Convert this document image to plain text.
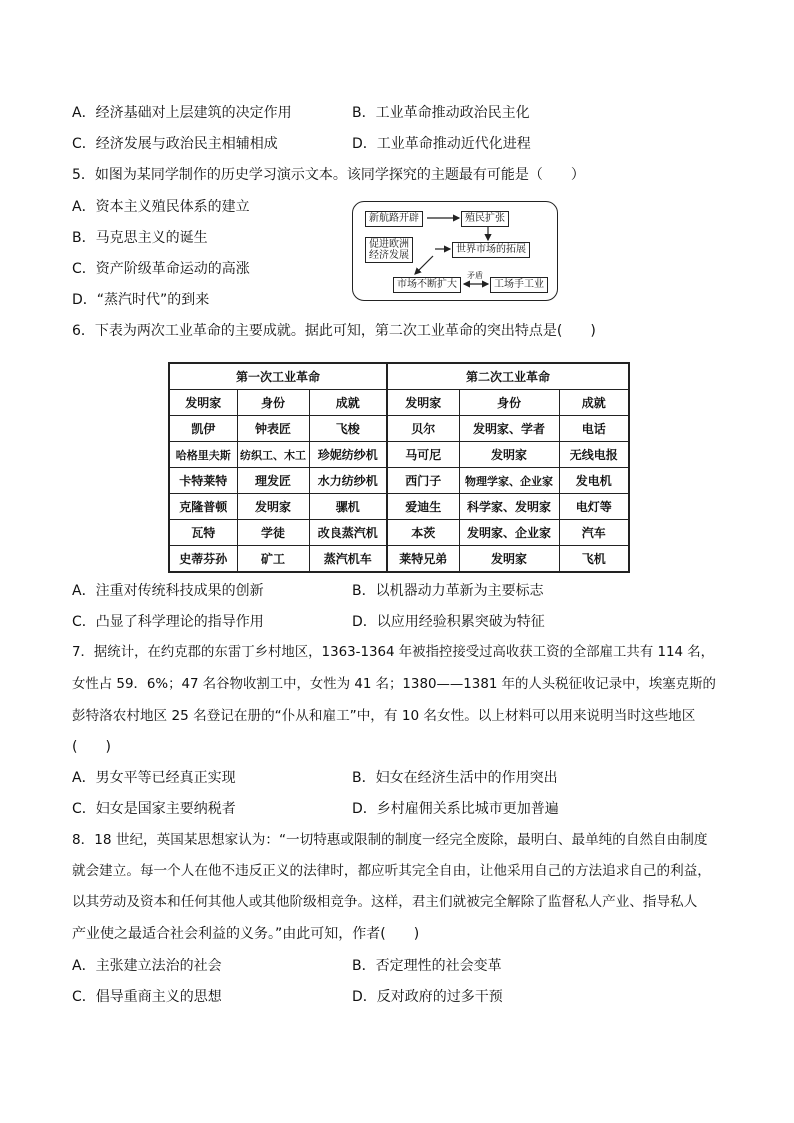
A．经济基础对上层建筑的决定作用	B．工业革命推动政治民主化
C．经济发展与政治民主相辅相成	D．工业革命推动近代化进程
5．如图为某同学制作的历史学习演示文本。该同学探究的主题最有可能是（　　）
A．资本主义殖民体系的建立
B．马克思主义的诞生
C．资产阶级革命运动的高涨
D．“蒸汽时代”的到来
新航路开辟	殖民扩张
促进欧洲
经济发展
世界市场的拓展
市场不断扩大	工场手工业
矛盾
6．下表为两次工业革命的主要成就。据此可知，第二次工业革命的突出特点是(　　)
第一次工业革命			第二次工业革命		
发明家	身份	成就	发明家	身份	成就
凯伊	钟表匠	飞梭	贝尔	发明家、学者	电话
哈格里夫斯	纺织工、木工	珍妮纺纱机	马可尼	发明家	无线电报
卡特莱特	理发匠	水力纺纱机	西门子	物理学家、企业家	发电机
克隆普顿	发明家	骡机	爱迪生	科学家、发明家	电灯等
瓦特	学徒	改良蒸汽机	本茨	发明家、企业家	汽车
史蒂芬孙	矿工	蒸汽机车	莱特兄弟	发明家	飞机
A．注重对传统科技成果的创新	B．以机器动力革新为主要标志
C．凸显了科学理论的指导作用	D．以应用经验积累突破为特征
7．据统计，在约克郡的东雷丁乡村地区，1363-1364 年被指控接受过高收获工资的全部雇工共有 114 名，
女性占 59．6%；47 名谷物收割工中，女性为 41 名；1380——1381 年的人头税征收记录中，埃塞克斯的
彭特洛农村地区 25 名登记在册的“仆从和雇工”中，有 10 名女性。以上材料可以用来说明当时这些地区
(　　)
A．男女平等已经真正实现	B．妇女在经济生活中的作用突出
C．妇女是国家主要纳税者	D．乡村雇佣关系比城市更加普遍
8．18 世纪，英国某思想家认为：“一切特惠或限制的制度一经完全废除，最明白、最单纯的自然自由制度
就会建立。每一个人在他不违反正义的法律时，都应听其完全自由，让他采用自己的方法追求自己的利益，
以其劳动及资本和任何其他人或其他阶级相竞争。这样，君主们就被完全解除了监督私人产业、指导私人
产业使之最适合社会利益的义务。”由此可知，作者(　　)
A．主张建立法治的社会	B．否定理性的社会变革
C．倡导重商主义的思想	D．反对政府的过多干预
